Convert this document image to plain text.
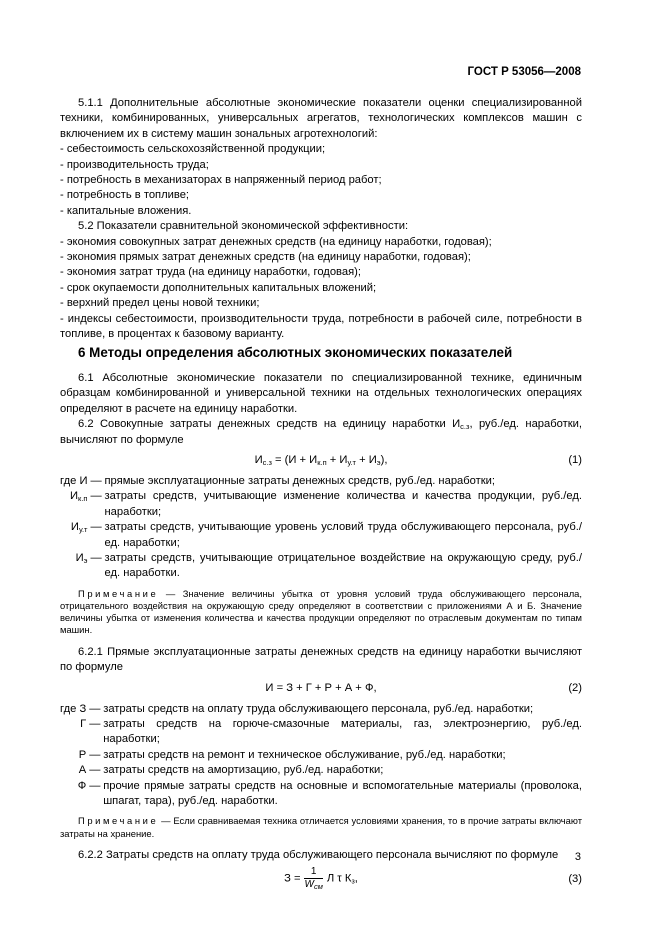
ГОСТ Р 53056—2008

5.1.1 Дополнительные абсолютные экономические показатели оценки специализированной техники, комбинированных, универсальных агрегатов, технологических комплексов машин с включением их в систему машин зональных агротехнологий:

- себестоимость сельскохозяйственной продукции;

- производительность труда;

- потребность в механизаторах в напряженный период работ;

- потребность в топливе;

- капитальные вложения.

5.2 Показатели сравнительной экономической эффективности:

- экономия совокупных затрат денежных средств (на единицу наработки, годовая);

- экономия прямых затрат денежных средств (на единицу наработки, годовая);

- экономия затрат труда (на единицу наработки, годовая);

- срок окупаемости дополнительных капитальных вложений;

- верхний предел цены новой техники;

- индексы себестоимости, производительности труда, потребности в рабочей силе, потребности в топливе, в процентах к базовому варианту.

6 Методы определения абсолютных экономических показателей

6.1 Абсолютные экономические показатели по специализированной технике, единичным образцам комбинированной и универсальной техники на отдельных технологических операциях определяют в расчете на единицу наработки.

6.2 Совокупные затраты денежных средств на единицу наработки $И_{с.з}$, руб./ед. наработки, вычисляют по формуле

$И_{с.з} = (И + И_{к.п} + И_{у.т} + И_э)$,	(1)
где И	—	прямые эксплуатационные затраты денежных средств, руб./ед. наработки;
$И_{к.п}$	—	затраты средств, учитывающие изменение количества и качества продукции, руб./ед. наработки;
$И_{у.т}$	—	затраты средств, учитывающие уровень условий труда обслуживающего персонала, руб./ед. наработки;
$И_э$	—	затраты средств, учитывающие отрицательное воздействие на окружающую среду, руб./ед. наработки.

Примечание — Значение величины убытка от уровня условий труда обслуживающего персонала, отрицательного воздействия на окружающую среду определяют в соответствии с приложениями А и Б. Значение величины убытка от изменения количества и качества продукции определяют по отраслевым документам по типам машин.

6.2.1 Прямые эксплуатационные затраты денежных средств на единицу наработки вычисляют по формуле

И = З + Г + Р + А + Ф,	(2)
где З	—	затраты средств на оплату труда обслуживающего персонала, руб./ед. наработки;
Г	—	затраты средств на горюче-смазочные материалы, газ, электроэнергию, руб./ед. наработки;
Р	—	затраты средств на ремонт и техническое обслуживание, руб./ед. наработки;
А	—	затраты средств на амортизацию, руб./ед. наработки;
Ф	—	прочие прямые затраты средств на основные и вспомогательные материалы (проволока, шпагат, тара), руб./ед. наработки.

Примечание — Если сравниваемая техника отличается условиями хранения, то в прочие затраты включают затраты на хранение.

6.2.2 Затраты средств на оплату труда обслуживающего персонала вычисляют по формуле

$З = \frac{1}{W_{см}}$ Л τ $К_з$,	(3)
3
